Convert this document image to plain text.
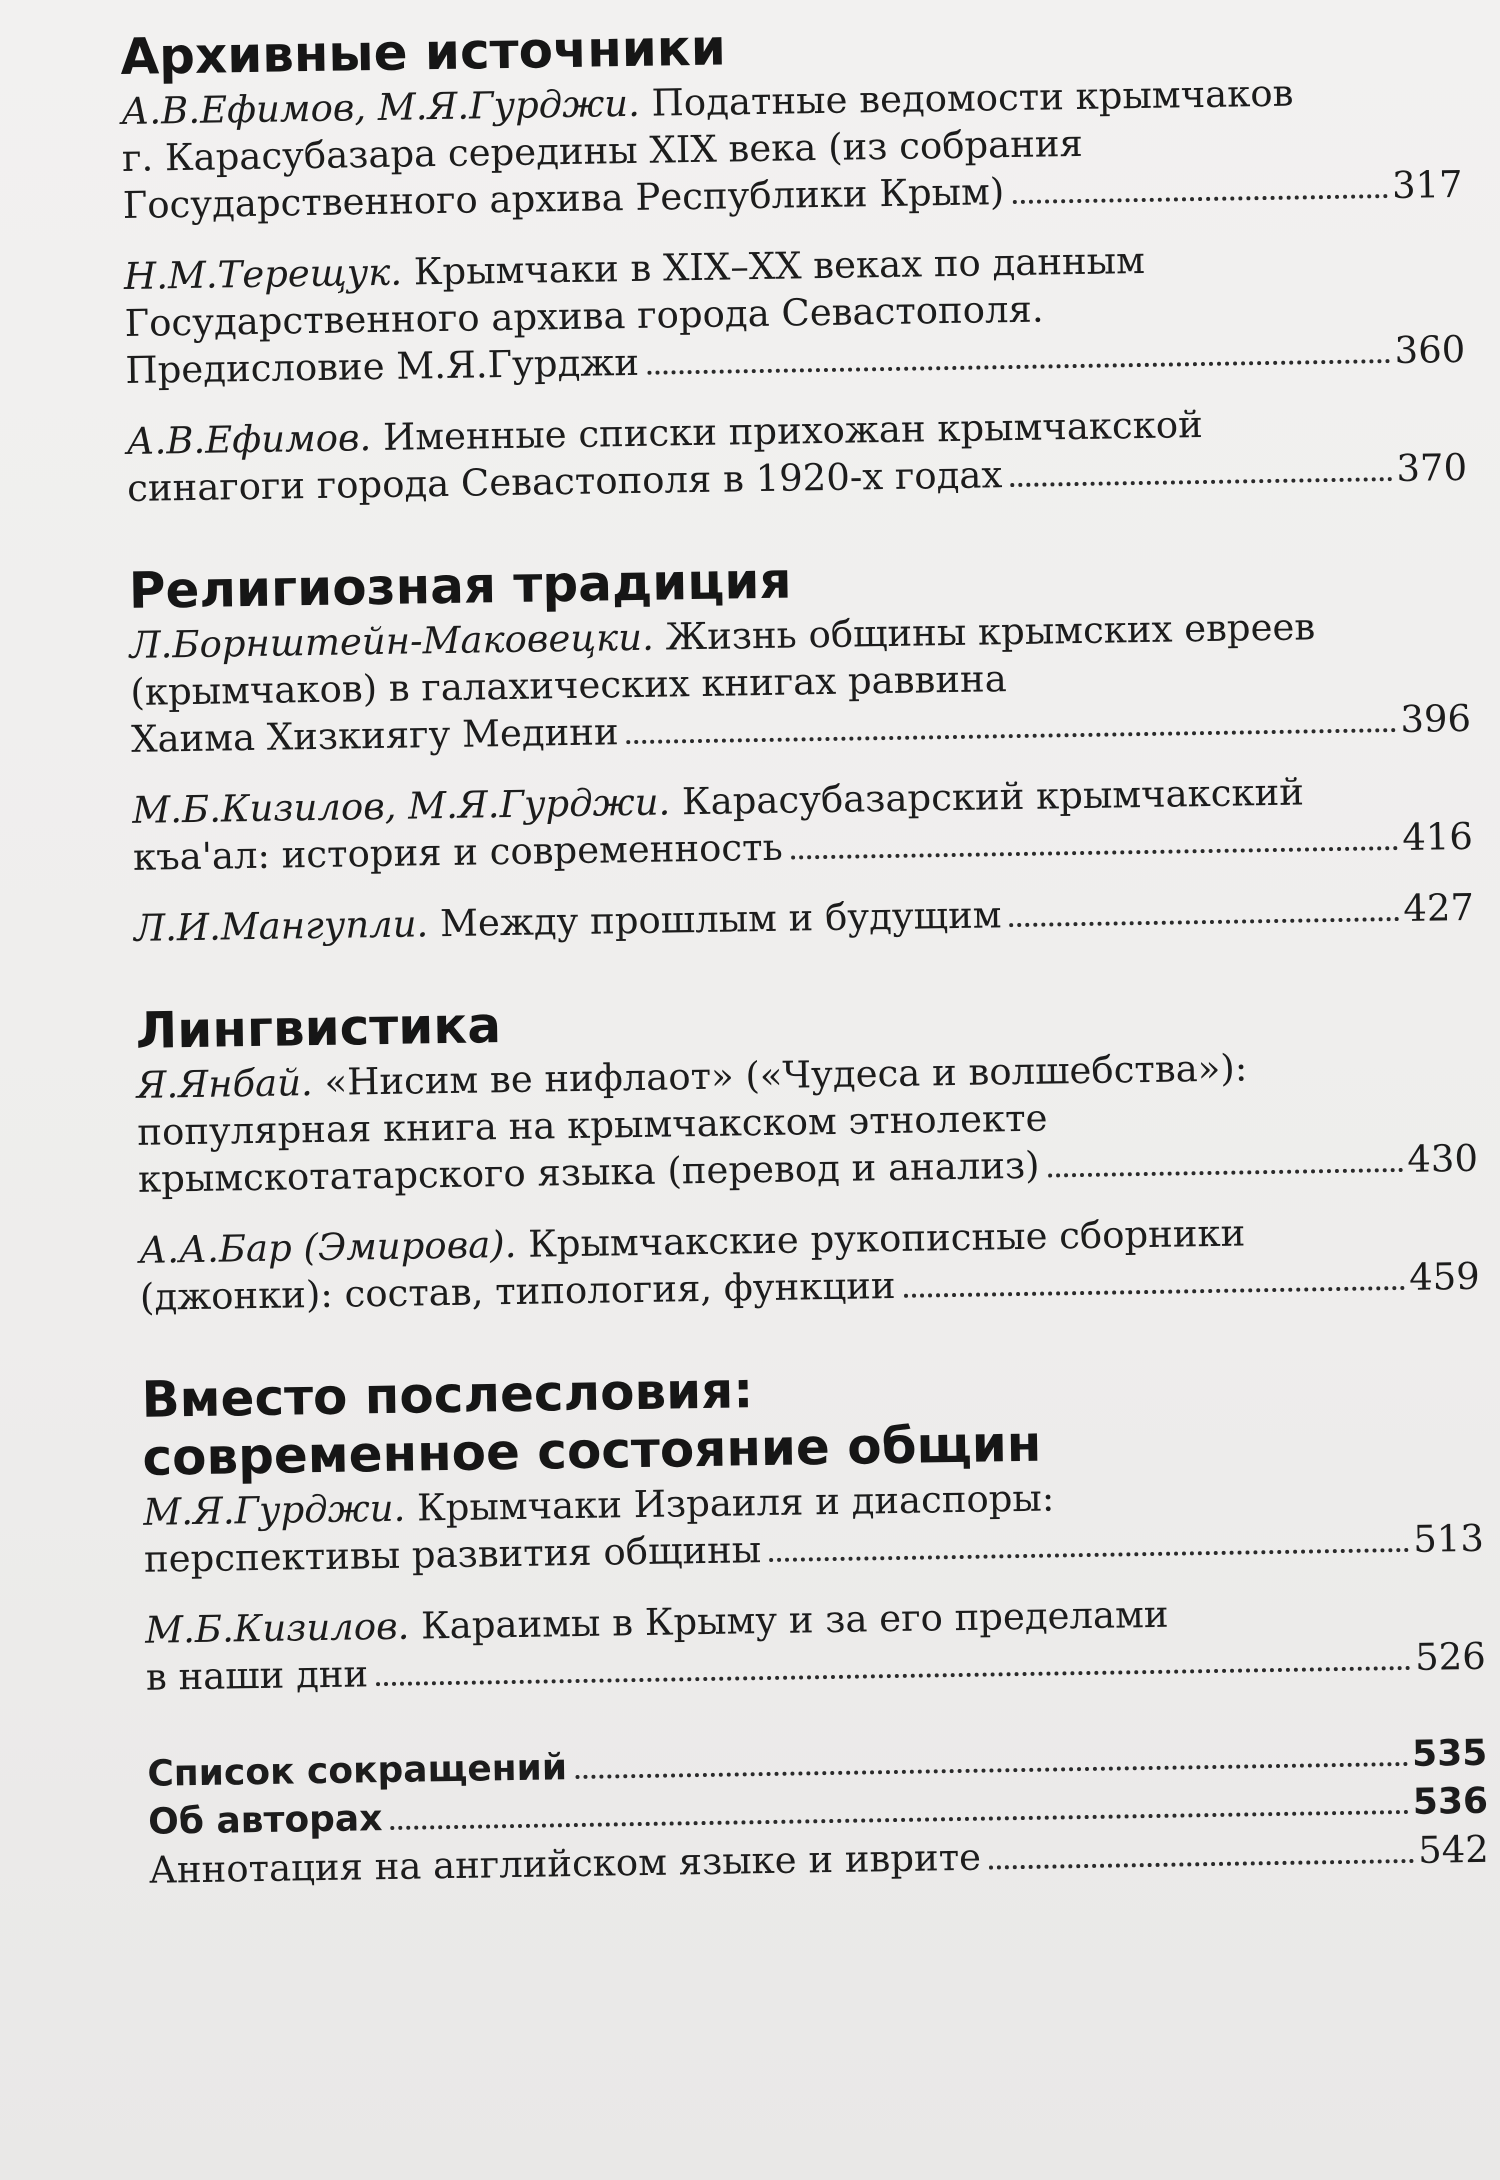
Архивные источники
А.В.Ефимов, М.Я.Гурджи. Податные ведомости крымчаков
г. Карасубазара середины XIX века (из собрания
Государственного архива Республики Крым)	317
Н.М.Терещук. Крымчаки в XIX–XX веках по данным
Государственного архива города Севастополя.
Предисловие М.Я.Гурджи	360
А.В.Ефимов. Именные списки прихожан крымчакской
синагоги города Севастополя в 1920-х годах	370
Религиозная традиция
Л.Борнштейн-Маковецки. Жизнь общины крымских евреев
(крымчаков) в галахических книгах раввина
Хаима Хизкиягу Медини	396
М.Б.Кизилов, М.Я.Гурджи. Карасубазарский крымчакский
къа'ал: история и современность	416
Л.И.Мангупли. Между прошлым и будущим	427
Лингвистика
Я.Янбай. «Нисим ве нифлаот» («Чудеса и волшебства»):
популярная книга на крымчакском этнолекте
крымскотатарского языка (перевод и анализ)	430
А.А.Бар (Эмирова). Крымчакские рукописные сборники
(джонки): состав, типология, функции	459
Вместо послесловия:
современное состояние общин
М.Я.Гурджи. Крымчаки Израиля и диаспоры:
перспективы развития общины	513
М.Б.Кизилов. Караимы в Крыму и за его пределами
в наши дни	526
Список сокращений	535
Об авторах	536
Аннотация на английском языке и иврите	542
